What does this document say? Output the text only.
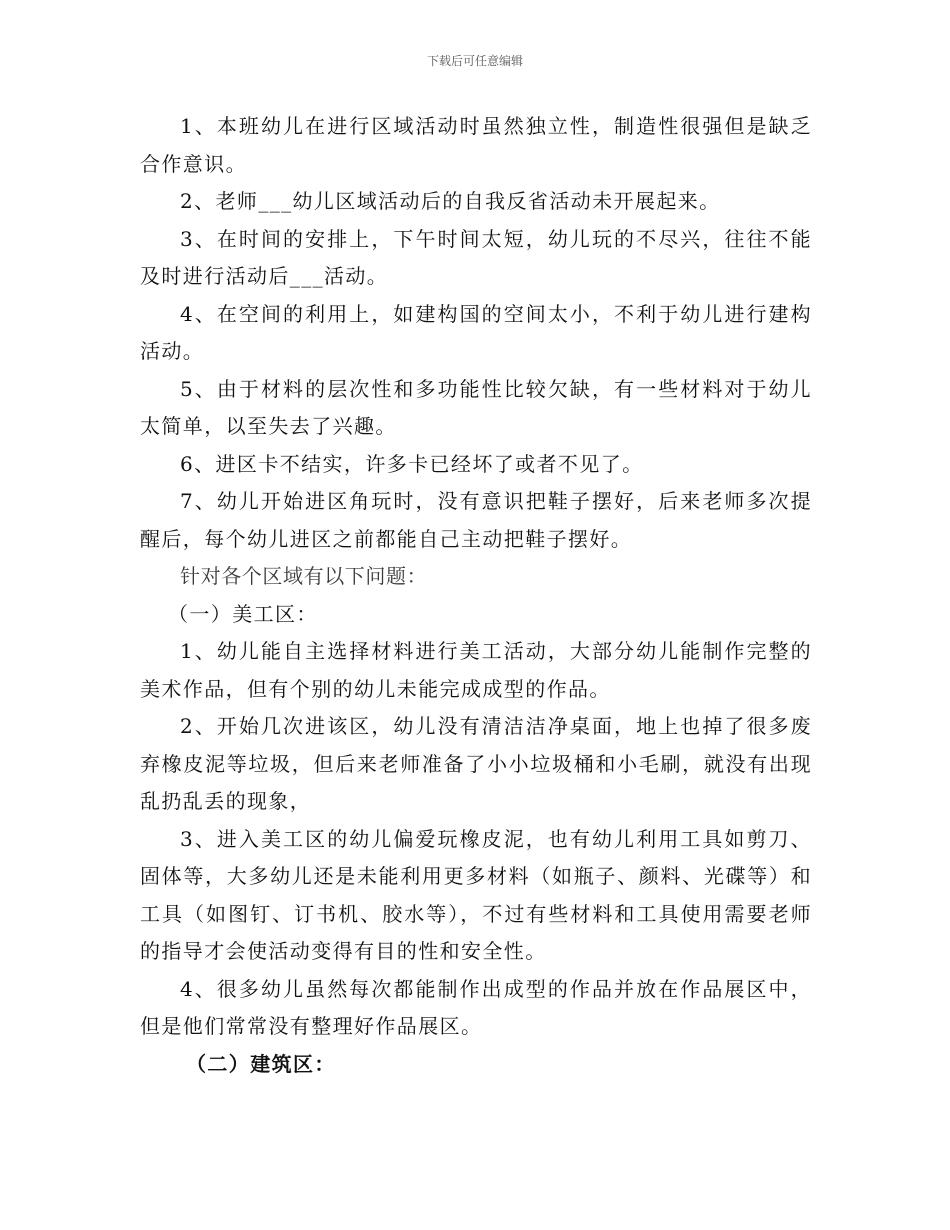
下载后可任意编辑

1、本班幼儿在进行区域活动时虽然独立性，制造性很强但是缺乏合作意识。

2、老师___幼儿区域活动后的自我反省活动未开展起来。

3、在时间的安排上，下午时间太短，幼儿玩的不尽兴，往往不能及时进行活动后___活动。

4、在空间的利用上，如建构国的空间太小，不利于幼儿进行建构活动。

5、由于材料的层次性和多功能性比较欠缺，有一些材料对于幼儿太简单，以至失去了兴趣。

6、进区卡不结实，许多卡已经坏了或者不见了。

7、幼儿开始进区角玩时，没有意识把鞋子摆好，后来老师多次提醒后，每个幼儿进区之前都能自己主动把鞋子摆好。

针对各个区域有以下问题：

（一）美工区：

1、幼儿能自主选择材料进行美工活动，大部分幼儿能制作完整的美术作品，但有个别的幼儿未能完成成型的作品。

2、开始几次进该区，幼儿没有清洁洁净桌面，地上也掉了很多废弃橡皮泥等垃圾，但后来老师准备了小小垃圾桶和小毛刷，就没有出现乱扔乱丢的现象，

3、进入美工区的幼儿偏爱玩橡皮泥，也有幼儿利用工具如剪刀、固体等，大多幼儿还是未能利用更多材料（如瓶子、颜料、光碟等）和工具（如图钉、订书机、胶水等），不过有些材料和工具使用需要老师的指导才会使活动变得有目的性和安全性。

4、很多幼儿虽然每次都能制作出成型的作品并放在作品展区中，但是他们常常没有整理好作品展区。

（二）建筑区：
